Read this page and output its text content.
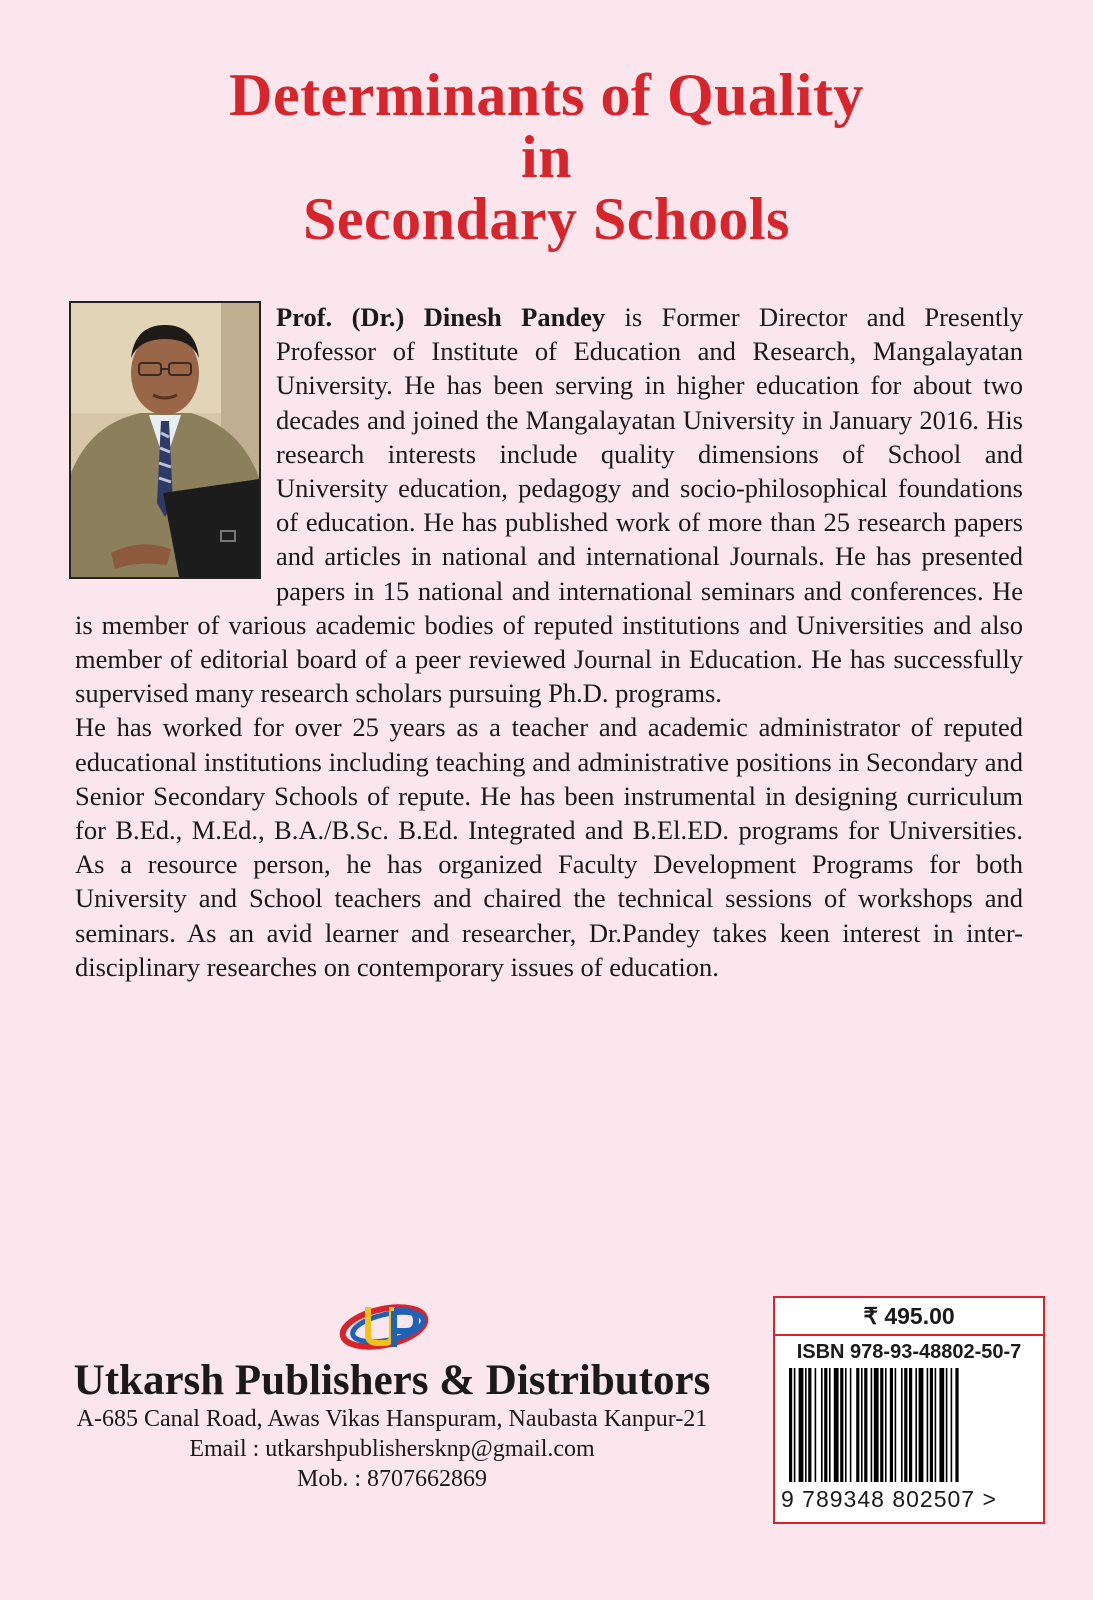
Determinants of Quality
in
Secondary Schools

Prof. (Dr.) Dinesh Pandey is Former Director and Presently Professor of Institute of Education and Research, Mangalayatan University. He has been serving in higher education for about two decades and joined the Mangalayatan University in January 2016. His research interests include quality dimensions of School and University education, pedagogy and socio-philosophical foundations of education. He has published work of more than 25 research papers and articles in national and international Journals. He has presented papers in 15 national and international seminars and conferences. He is member of various academic bodies of reputed institutions and Universities and also member of editorial board of a peer reviewed Journal in Education. He has successfully supervised many research scholars pursuing Ph.D. programs.

He has worked for over 25 years as a teacher and academic administrator of reputed educational institutions including teaching and administrative positions in Secondary and Senior Secondary Schools of repute. He has been instrumental in designing curriculum for B.Ed., M.Ed., B.A./B.Sc. B.Ed. Integrated and B.El.ED. programs for Universities. As a resource person, he has organized Faculty Development Programs for both University and School teachers and chaired the technical sessions of workshops and seminars. As an avid learner and researcher, Dr.Pandey takes keen interest in inter-disciplinary researches on contemporary issues of education.

Utkarsh Publishers & Distributors
A-685 Canal Road, Awas Vikas Hanspuram, Naubasta Kanpur-21
Email : utkarshpublishersknp@gmail.com
Mob. : 8707662869
₹ 495.00
ISBN 978-93-48802-50-7
9 789348 802507 >
